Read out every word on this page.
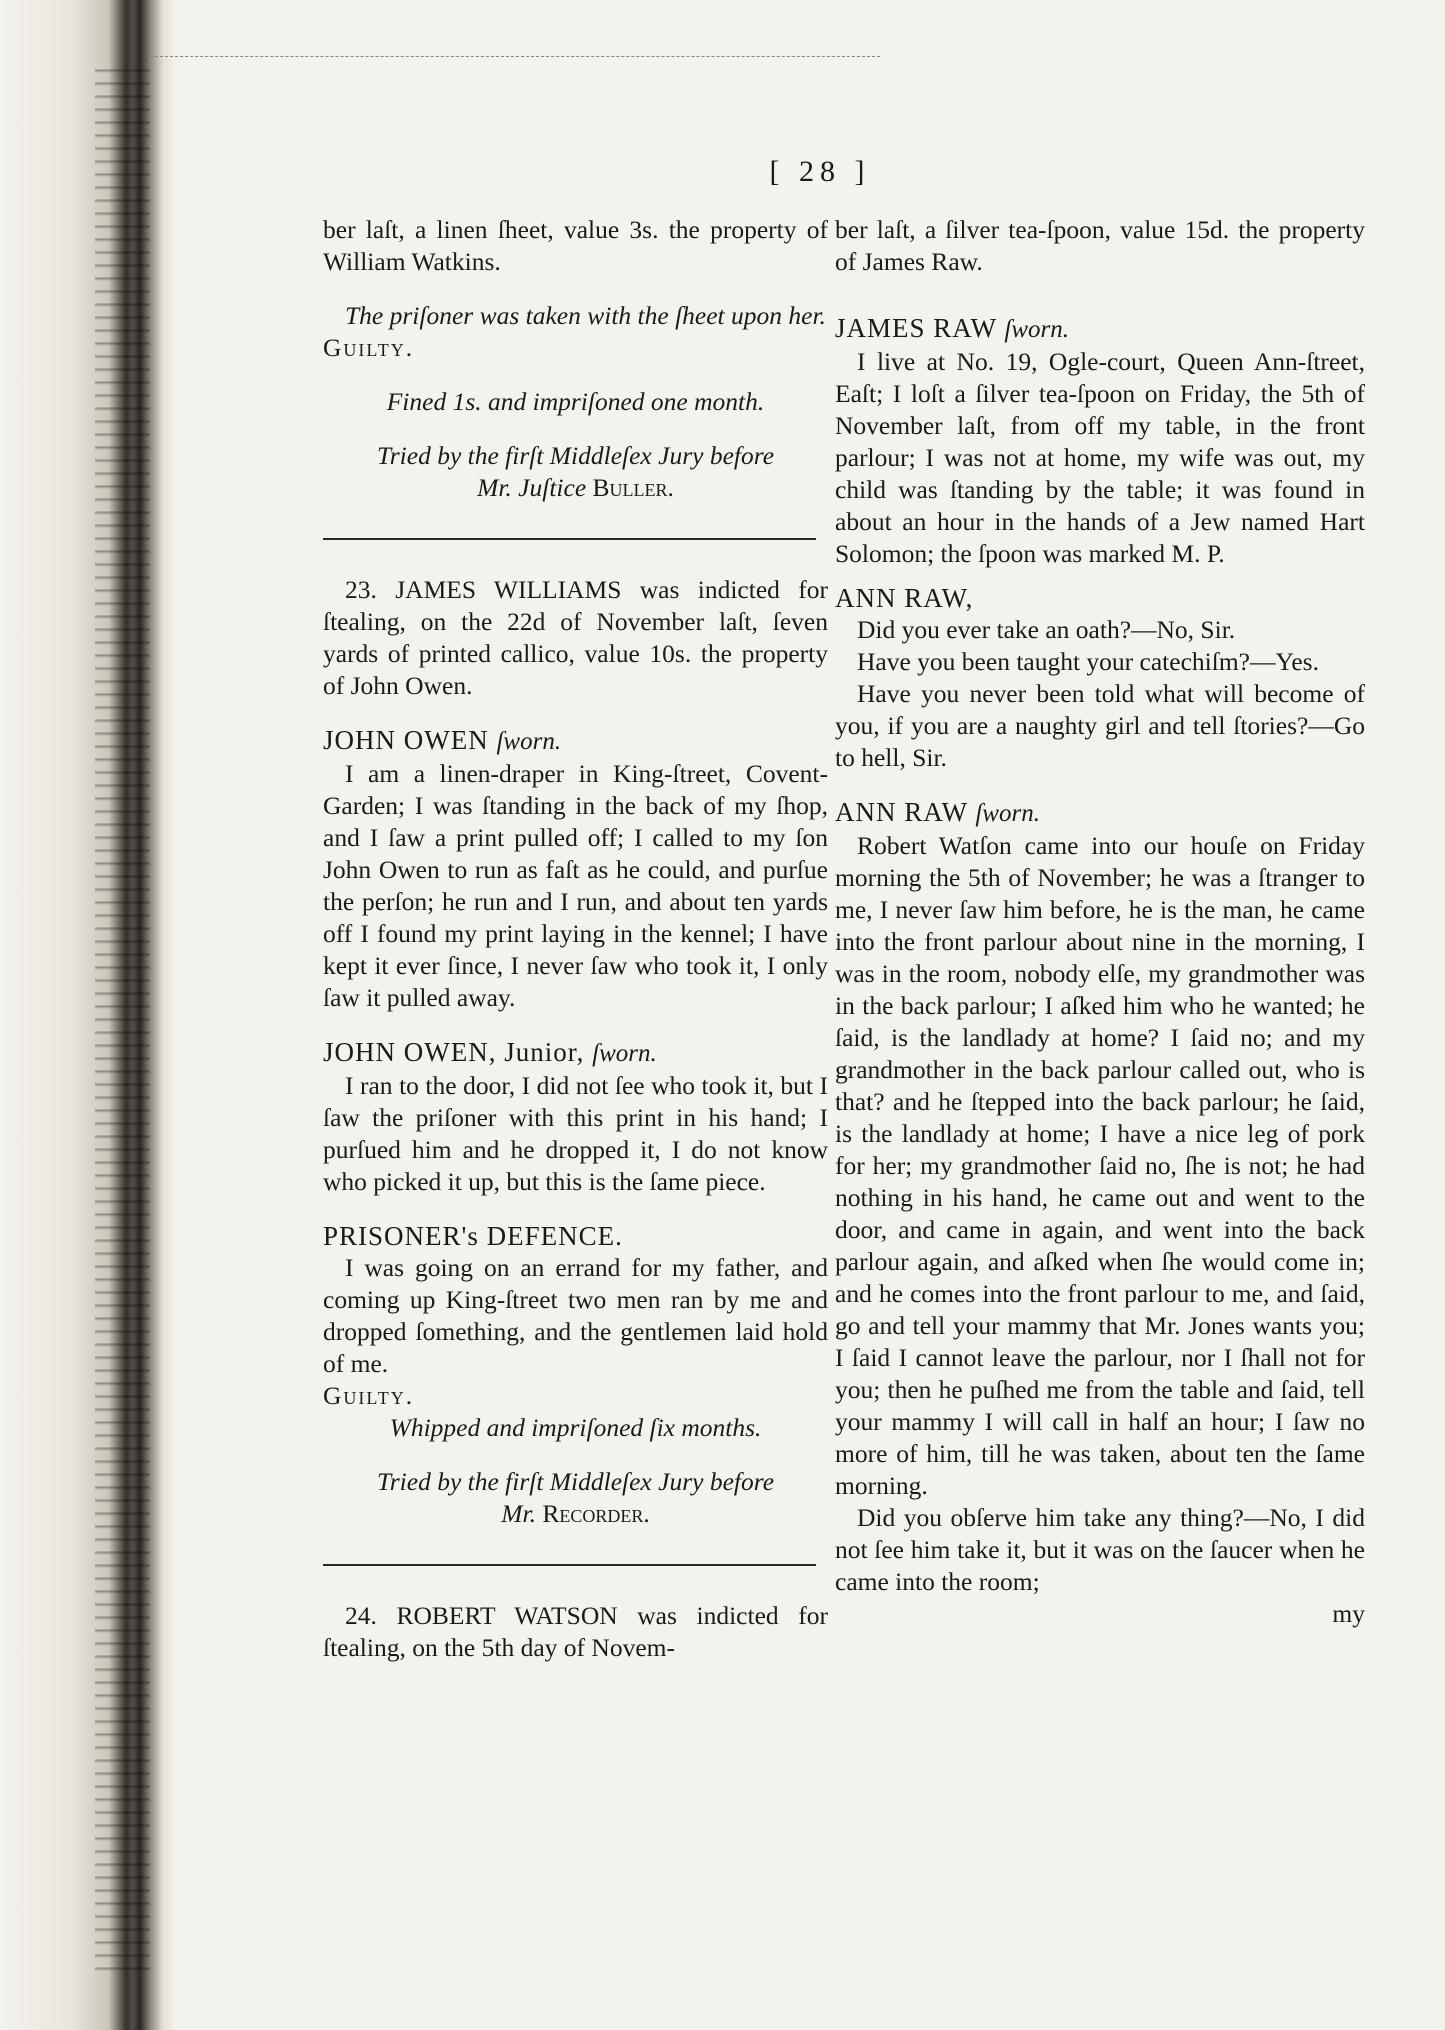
[ 28 ]

ber laſt, a linen ſheet, value 3s. the property of William Watkins.

The priſoner was taken with the ſheet upon her.

Guilty.

Fined 1s. and impriſoned one month.

Tried by the firſt Middleſex Jury before
Mr. Juſtice Buller.

23. JAMES WILLIAMS was indicted for ſtealing, on the 22d of November laſt, ſeven yards of printed callico, value 10s. the property of John Owen.

JOHN OWEN ſworn.

I am a linen-draper in King-ſtreet, Covent-Garden; I was ſtanding in the back of my ſhop, and I ſaw a print pulled off; I called to my ſon John Owen to run as faſt as he could, and purſue the perſon; he run and I run, and about ten yards off I found my print laying in the kennel; I have kept it ever ſince, I never ſaw who took it, I only ſaw it pulled away.

JOHN OWEN, Junior, ſworn.

I ran to the door, I did not ſee who took it, but I ſaw the priſoner with this print in his hand; I purſued him and he dropped it, I do not know who picked it up, but this is the ſame piece.

PRISONER's DEFENCE.

I was going on an errand for my father, and coming up King-ſtreet two men ran by me and dropped ſomething, and the gentlemen laid hold of me.

Guilty.

Whipped and impriſoned ſix months.

Tried by the firſt Middleſex Jury before
Mr. Recorder.

24. ROBERT WATSON was indicted for ſtealing, on the 5th day of Novem-

ber laſt, a ſilver tea-ſpoon, value 15d. the property of James Raw.

JAMES RAW ſworn.

I live at No. 19, Ogle-court, Queen Ann-ſtreet, Eaſt; I loſt a ſilver tea-ſpoon on Friday, the 5th of November laſt, from off my table, in the front parlour; I was not at home, my wife was out, my child was ſtanding by the table; it was found in about an hour in the hands of a Jew named Hart Solomon; the ſpoon was marked M. P.

ANN RAW,

Did you ever take an oath?—No, Sir.

Have you been taught your catechiſm?—Yes.

Have you never been told what will become of you, if you are a naughty girl and tell ſtories?—Go to hell, Sir.

ANN RAW ſworn.

Robert Watſon came into our houſe on Friday morning the 5th of November; he was a ſtranger to me, I never ſaw him before, he is the man, he came into the front parlour about nine in the morning, I was in the room, nobody elſe, my grandmother was in the back parlour; I aſked him who he wanted; he ſaid, is the landlady at home? I ſaid no; and my grandmother in the back parlour called out, who is that? and he ſtepped into the back parlour; he ſaid, is the landlady at home; I have a nice leg of pork for her; my grandmother ſaid no, ſhe is not; he had nothing in his hand, he came out and went to the door, and came in again, and went into the back parlour again, and aſked when ſhe would come in; and he comes into the front parlour to me, and ſaid, go and tell your mammy that Mr. Jones wants you; I ſaid I cannot leave the parlour, nor I ſhall not for you; then he puſhed me from the table and ſaid, tell your mammy I will call in half an hour; I ſaw no more of him, till he was taken, about ten the ſame morning.

Did you obſerve him take any thing?—No, I did not ſee him take it, but it was on the ſaucer when he came into the room;

my
